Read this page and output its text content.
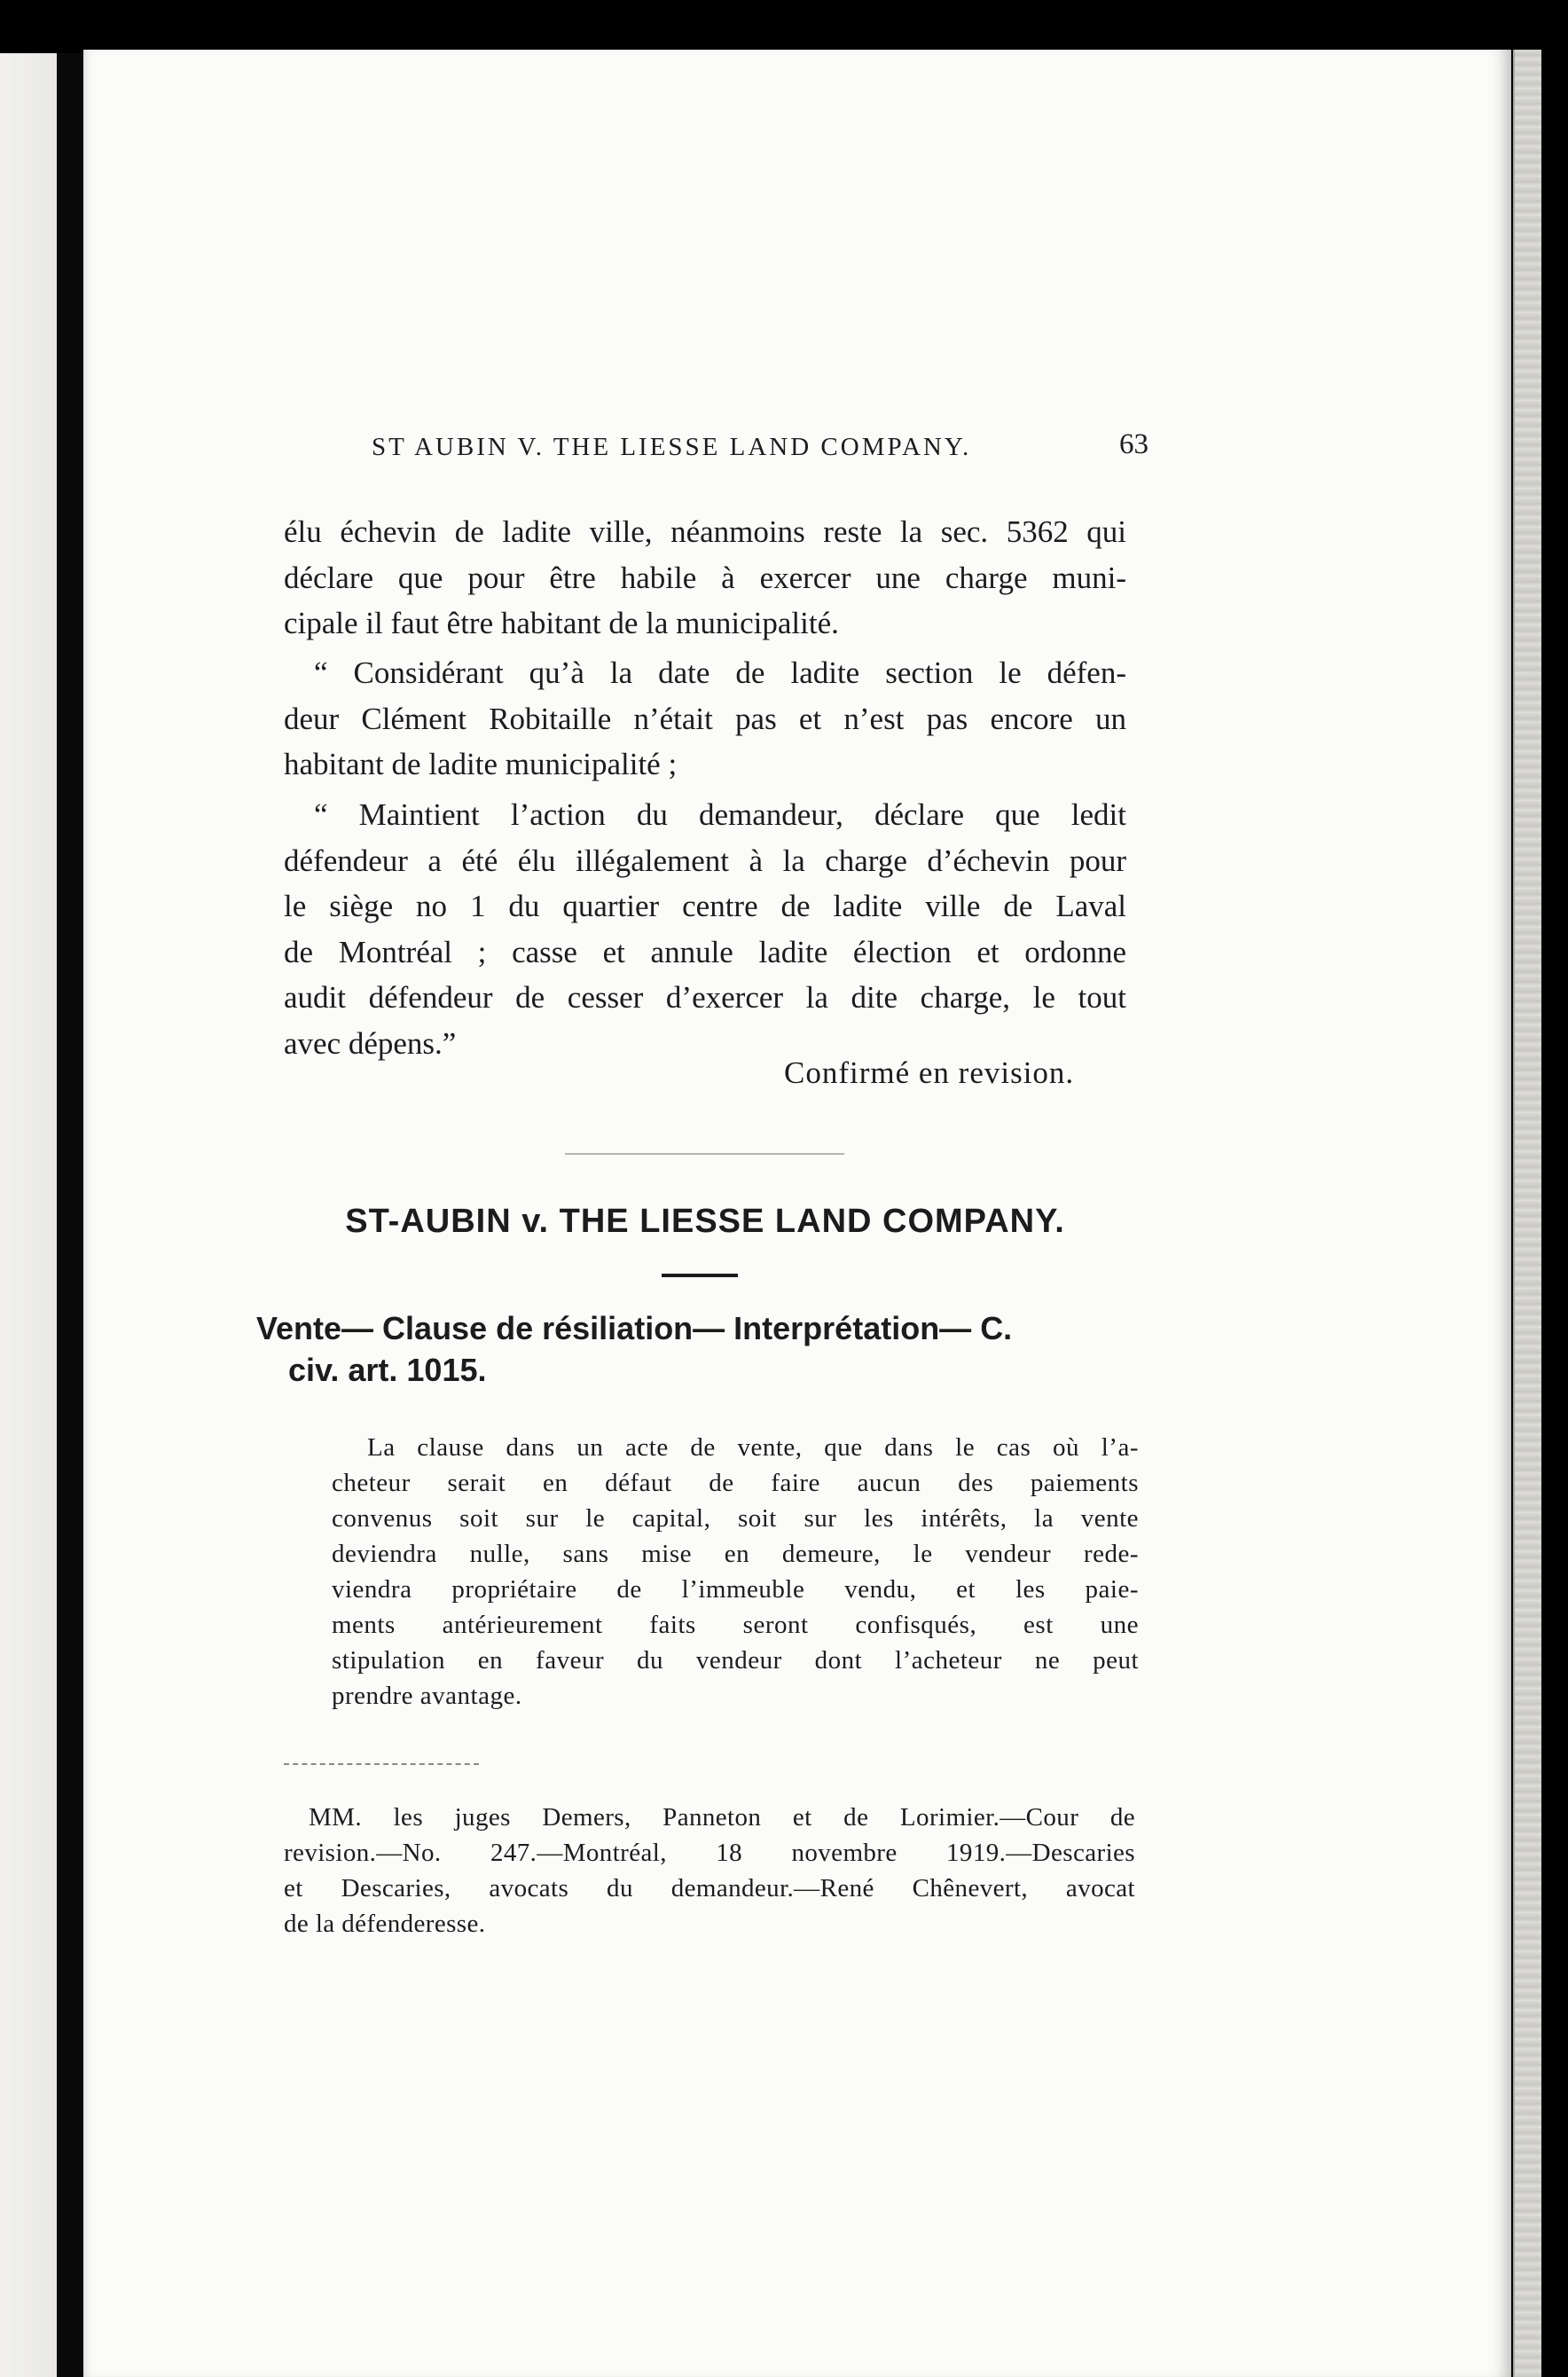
ST AUBIN V. THE LIESSE LAND COMPANY.	63
élu échevin de ladite ville, néanmoins reste la sec. 5362 qui
déclare que pour être habile à exercer une charge muni-
cipale il faut être habitant de la municipalité.
“ Considérant qu’à la date de ladite section le défen-
deur Clément Robitaille n’était pas et n’est pas encore un
habitant de ladite municipalité ;
“ Maintient l’action du demandeur, déclare que ledit
défendeur a été élu illégalement à la charge d’échevin pour
le siège no 1 du quartier centre de ladite ville de Laval
de Montréal ; casse et annule ladite élection et ordonne
audit défendeur de cesser d’exercer la dite charge, le tout
avec dépens.”
Confirmé en revision.
ST-AUBIN v. THE LIESSE LAND COMPANY.
Vente— Clause de résiliation— Interprétation— C.
civ. art. 1015.
La clause dans un acte de vente, que dans le cas où l’a-
cheteur serait en défaut de faire aucun des paiements
convenus soit sur le capital, soit sur les intérêts, la vente
deviendra nulle, sans mise en demeure, le vendeur rede-
viendra propriétaire de l’immeuble vendu, et les paie-
ments antérieurement faits seront confisqués, est une
stipulation en faveur du vendeur dont l’acheteur ne peut
prendre avantage.
MM. les juges Demers, Panneton et de Lorimier.—Cour de
revision.—No. 247.—Montréal, 18 novembre 1919.—Descaries
et Descaries, avocats du demandeur.—René Chênevert, avocat
de la défenderesse.
